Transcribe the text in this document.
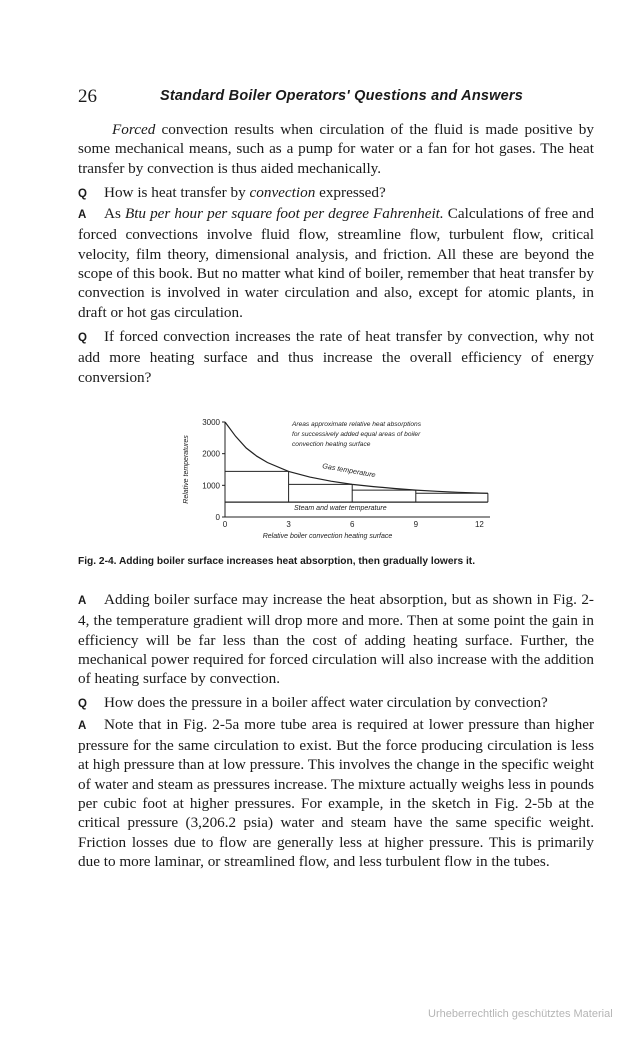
26	Standard Boiler Operators' Questions and Answers

Forced convection results when circulation of the fluid is made positive by some mechanical means, such as a pump for water or a fan for hot gases. The heat transfer by convection is thus aided mechanically.

Q How is heat transfer by convection expressed?

A As Btu per hour per square foot per degree Fahrenheit. Calculations of free and forced convections involve fluid flow, streamline flow, turbulent flow, critical velocity, film theory, dimensional analysis, and friction. All these are beyond the scope of this book. But no matter what kind of boiler, remember that heat transfer by convection is involved in water circulation and also, except for atomic plants, in draft or hot gas circulation.

Q If forced convection increases the rate of heat transfer by convection, why not add more heating surface and thus increase the overall efficiency of energy conversion?

0
1000
2000
3000
0	3	6	9	12
Relative boiler convection heating surface
Relative temperatures
Areas approximate relative heat absorptions
for successively added equal areas of boiler
convection heating surface
Gas temperature
Steam and water temperature
Fig. 2-4. Adding boiler surface increases heat absorption, then gradually lowers it.

A Adding boiler surface may increase the heat absorption, but as shown in Fig. 2-4, the temperature gradient will drop more and more. Then at some point the gain in efficiency will be far less than the cost of adding heating surface. Further, the mechanical power required for forced circulation will also increase with the addition of heating surface by convection.

Q How does the pressure in a boiler affect water circulation by convection?

A Note that in Fig. 2-5a more tube area is required at lower pressure than higher pressure for the same circulation to exist. But the force producing circulation is less at high pressure than at low pressure. This involves the change in the specific weight of water and steam as pressures increase. The mixture actually weighs less in pounds per cubic foot at higher pressures. For example, in the sketch in Fig. 2-5b at the critical pressure (3,206.2 psia) water and steam have the same specific weight. Friction losses due to flow are generally less at higher pressure. This is primarily due to more laminar, or streamlined flow, and less turbulent flow in the tubes.

Urheberrechtlich geschütztes Material
